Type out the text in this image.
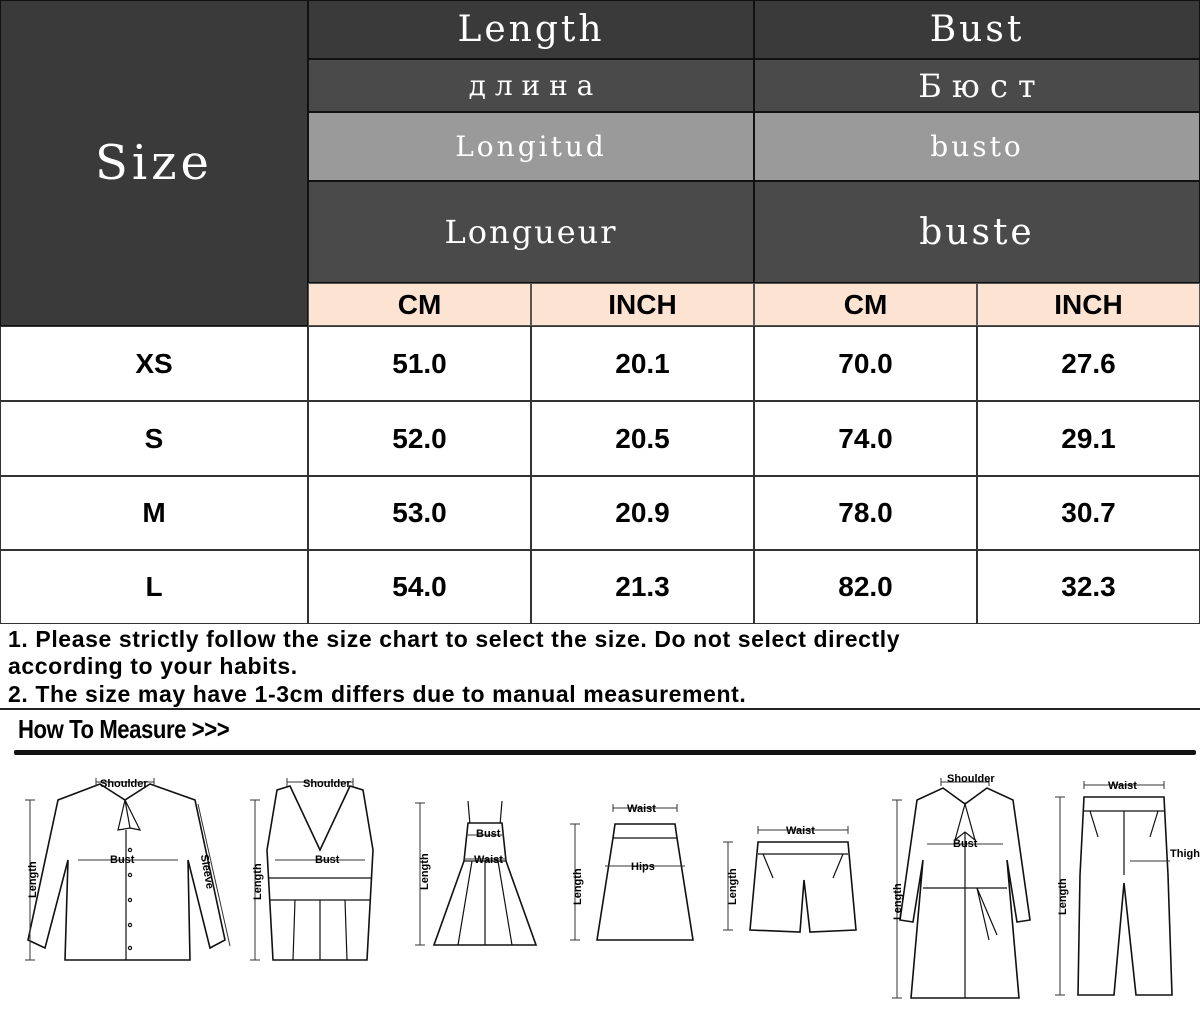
Size
Length	Bust
д л и н а	Б ю с т
Longitud	busto
Longueur	buste
CM	INCH	CM	INCH
XS	51.0	20.1	70.0	27.6
S	52.0	20.5	74.0	29.1
M	53.0	20.9	78.0	30.7
L	54.0	21.3	82.0	32.3
1. Please strictly follow the size chart to select the size. Do not select directly
according to your habits.
2. The size may have 1-3cm differs due to manual measurement.
How To Measure >>>
Shoulder
Bust
Length	Sleeve
Shoulder
Bust
Length
Bust
Waist
Length
Waist
Hips
Length
Waist
Length
Shoulder
Bust
Length
Waist
Thigh
Length
